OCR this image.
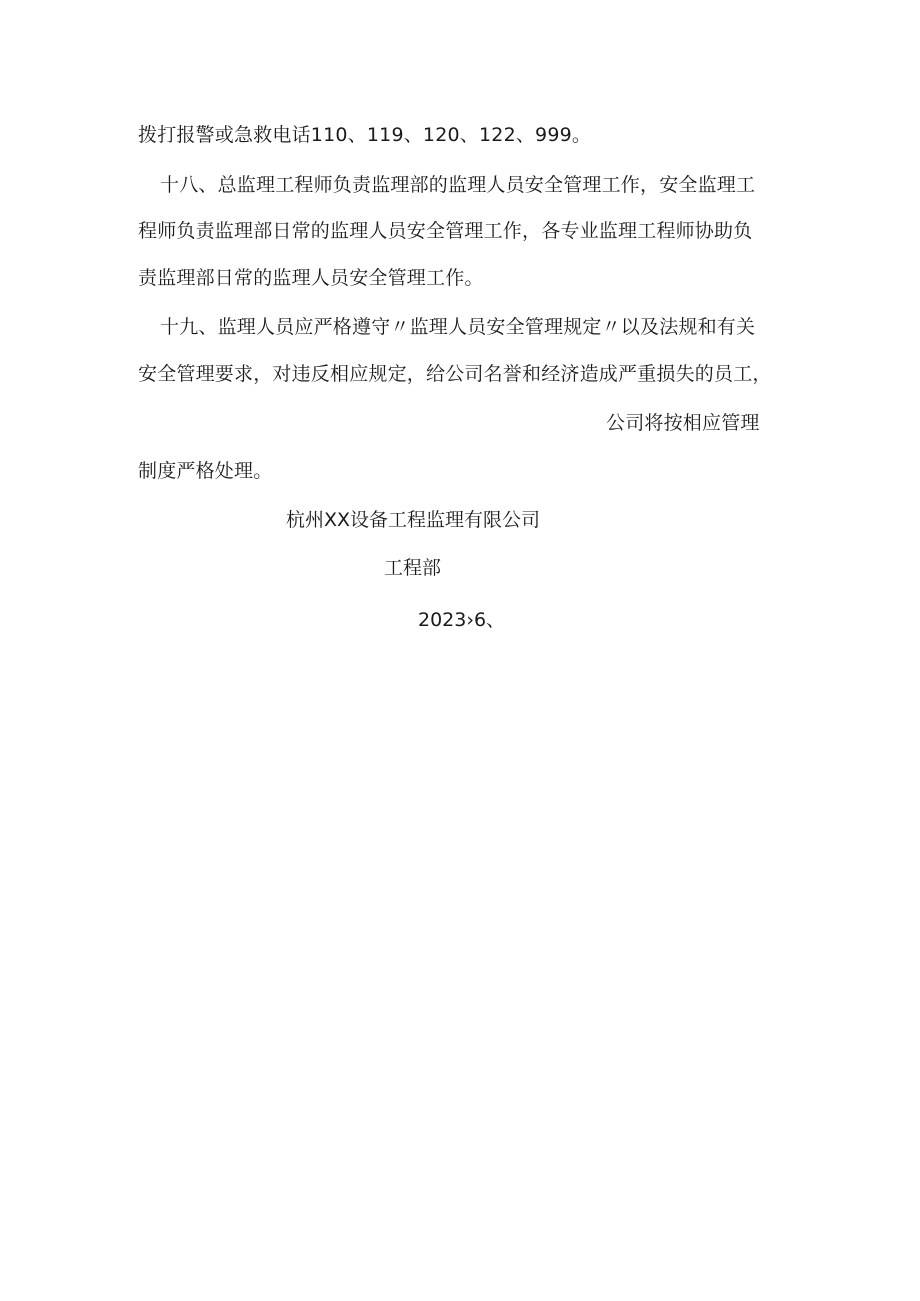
拨打报警或急救电话110、119、120、122、999。
十八、总监理工程师负责监理部的监理人员安全管理工作，安全监理工
程师负责监理部日常的监理人员安全管理工作，各专业监理工程师协助负
责监理部日常的监理人员安全管理工作。
十九、监理人员应严格遵守〃监理人员安全管理规定〃以及法规和有关
安全管理要求，对违反相应规定，给公司名誉和经济造成严重损失的员工，
公司将按相应管理
制度严格处理。
杭州XX设备工程监理有限公司
工程部
2023›6、
